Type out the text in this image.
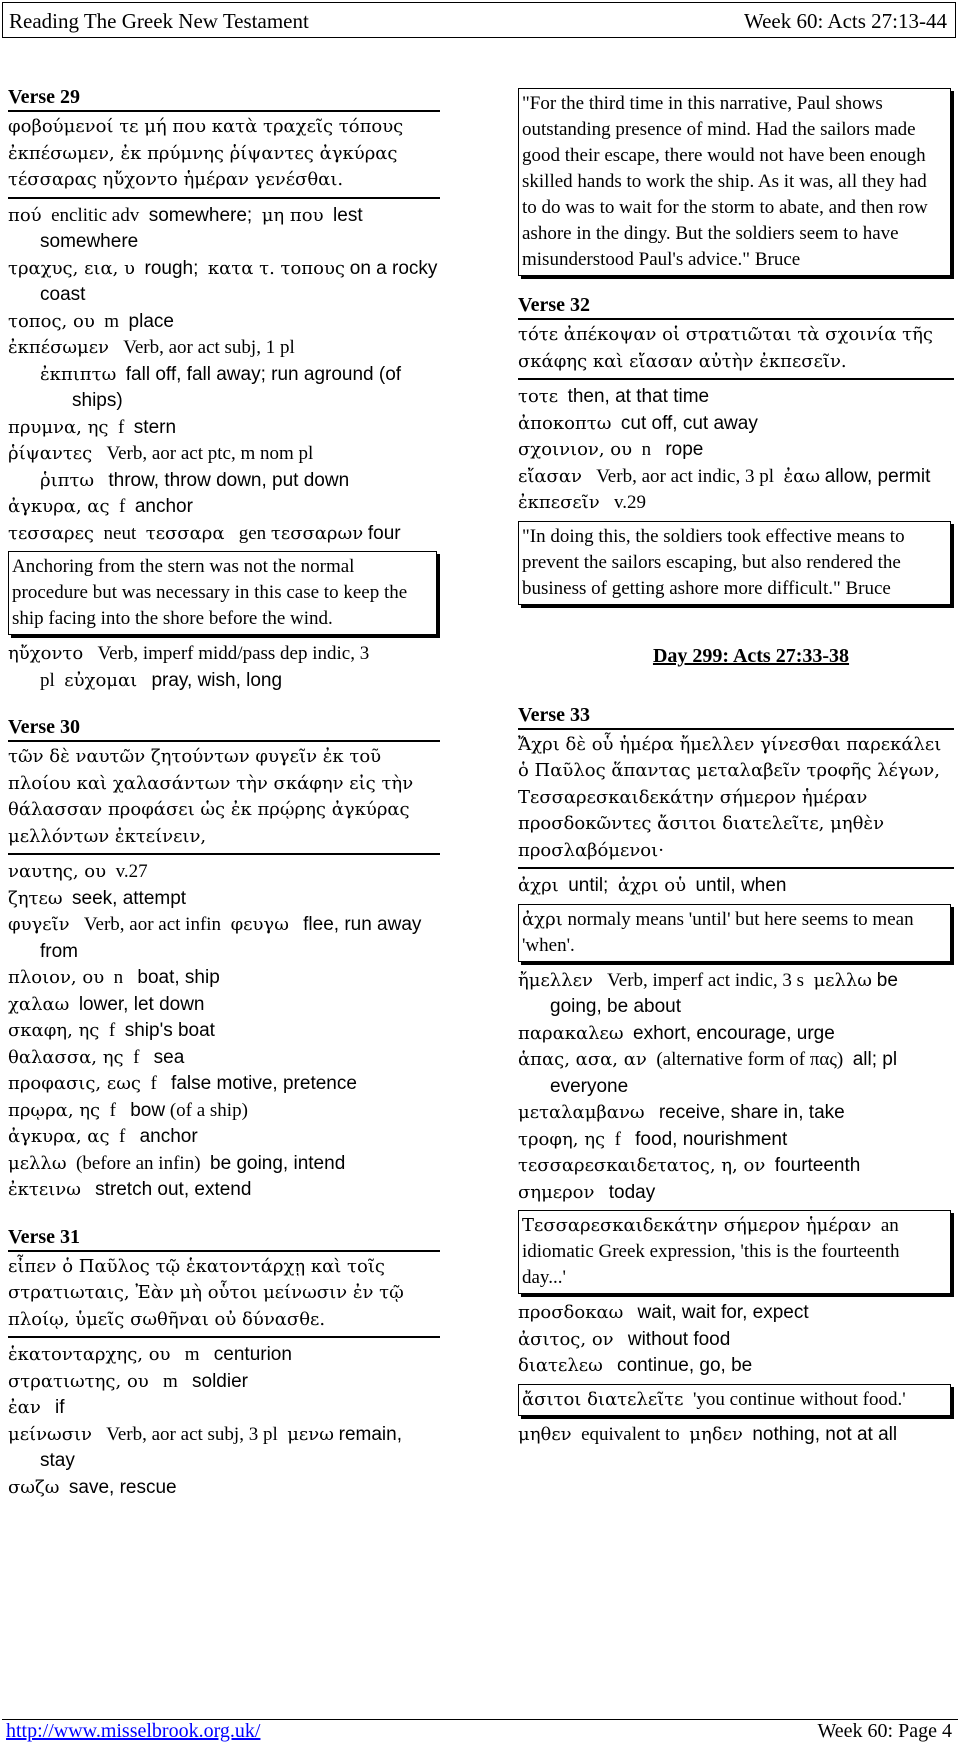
Reading The Greek New Testament	Week 60: Acts 27:13-44
Verse 29
φοβούμενοί τε μή που κατὰ τραχεῖς τόπους ἐκπέσωμεν, ἐκ πρύμνης ῥίψαντες ἀγκύρας τέσσαρας ηὔχοντο ἡμέραν γενέσθαι.
πού enclitic adv somewhere; μη που lest somewhere
τραχυς, εια, υ rough; κατα τ. τοπους on a rocky coast
τοπος, ου m place
ἐκπέσωμεν Verb, aor act subj, 1 pl
ἐκπιπτω fall off, fall away; run aground (of ships)
πρυμνα, ης f stern
ῥίψαντες Verb, aor act ptc, m nom pl
ῥιπτω throw, throw down, put down
ἀγκυρα, ας f anchor
τεσσαρες neut τεσσαρα gen τεσσαρων four
Anchoring from the stern was not the normal procedure but was necessary in this case to keep the ship facing into the shore before the wind.
ηὔχοντο Verb, imperf midd/pass dep indic, 3 pl εὐχομαι pray, wish, long
Verse 30
τῶν δὲ ναυτῶν ζητούντων φυγεῖν ἐκ τοῦ πλοίου καὶ χαλασάντων τὴν σκάφην εἰς τὴν θάλασσαν προφάσει ὡς ἐκ πρῴρης ἀγκύρας μελλόντων ἐκτείνειν,
ναυτης, ου v.27
ζητεω seek, attempt
φυγεῖν Verb, aor act infin φευγω flee, run away from
πλοιον, ου n boat, ship
χαλαω lower, let down
σκαφη, ης f ship's boat
θαλασσα, ης f sea
προφασις, εως f false motive, pretence
πρῳρα, ης f bow (of a ship)
ἀγκυρα, ας f anchor
μελλω (before an infin) be going, intend
ἐκτεινω stretch out, extend
Verse 31
εἶπεν ὁ Παῦλος τῷ ἑκατοντάρχῃ καὶ τοῖς στρατιωταις, Ἐὰν μὴ οὗτοι μείνωσιν ἐν τῷ πλοίῳ, ὑμεῖς σωθῆναι οὐ δύνασθε.
ἑκατονταρχης, ου m centurion
στρατιωτης, ου m soldier
ἐαν if
μείνωσιν Verb, aor act subj, 3 pl μενω remain, stay
σωζω save, rescue
"For the third time in this narrative, Paul shows outstanding presence of mind. Had the sailors made good their escape, there would not have been enough skilled hands to work the ship. As it was, all they had to do was to wait for the storm to abate, and then row ashore in the dingy. But the soldiers seem to have misunderstood Paul's advice." Bruce
Verse 32
τότε ἀπέκοψαν οἱ στρατιῶται τὰ σχοινία τῆς σκάφης καὶ εἴασαν αὐτὴν ἐκπεσεῖν.
τοτε then, at that time
ἀποκοπτω cut off, cut away
σχοινιον, ου n rope
εἴασαν Verb, aor act indic, 3 pl ἐαω allow, permit
ἐκπεσεῖν v.29
"In doing this, the soldiers took effective means to prevent the sailors escaping, but also rendered the business of getting ashore more difficult." Bruce
Day 299: Acts 27:33-38
Verse 33
Ἄχρι δὲ οὗ ἡμέρα ἤμελλεν γίνεσθαι παρεκάλει ὁ Παῦλος ἅπαντας μεταλαβεῖν τροφῆς λέγων, Τεσσαρεσκαιδεκάτην σήμερον ἡμέραν προσδοκῶντες ἄσιτοι διατελεῖτε, μηθὲν προσλαβόμενοι·
ἀχρι until; ἀχρι οὑ until, when
ἀχρι normaly means 'until' but here seems to mean 'when'.
ἤμελλεν Verb, imperf act indic, 3 s μελλω be going, be about
παρακαλεω exhort, encourage, urge
ἁπας, ασα, αν (alternative form of πας) all; pl everyone
μεταλαμβανω receive, share in, take
τροφη, ης f food, nourishment
τεσσαρεσκαιδετατος, η, ον fourteenth
σημερον today
Τεσσαρεσκαιδεκάτην σήμερον ἡμέραν an idiomatic Greek expression, 'this is the fourteenth day...'
προσδοκαω wait, wait for, expect
ἀσιτος, ον without food
διατελεω continue, go, be
ἄσιτοι διατελεῖτε 'you continue without food.'
μηθεν equivalent to μηδεν nothing, not at all
http://www.misselbrook.org.uk/	Week 60: Page 4
